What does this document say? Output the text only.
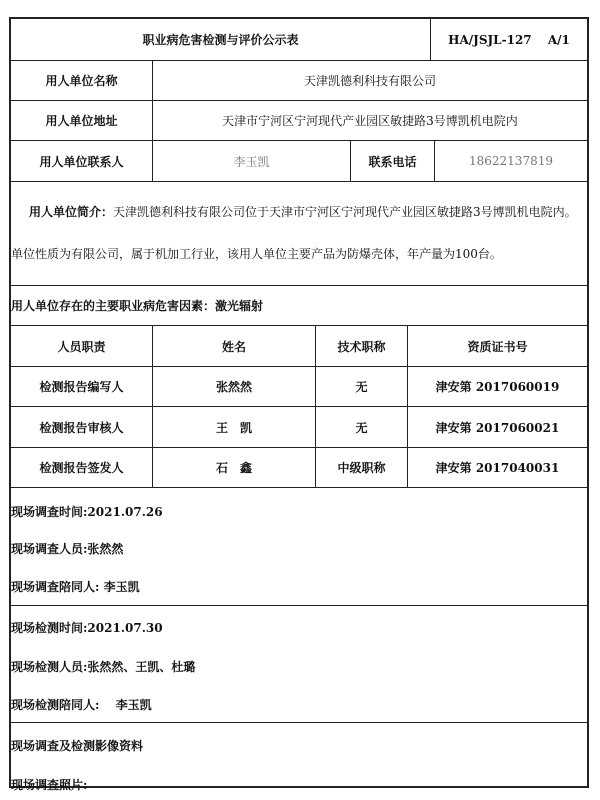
职业病危害检测与评价公示表	HA/JSJL-127　 A/1
用人单位名称	天津凯德利科技有限公司
用人单位地址	天津市宁河区宁河现代产业园区敏捷路3号博凯机电院内
用人单位联系人	李玉凯	联系电话	18622137819
用人单位简介：天津凯德利科技有限公司位于天津市宁河区宁河现代产业园区敏捷路3号博凯机电院内。
单位性质为有限公司，属于机加工行业，该用人单位主要产品为防爆壳体，年产量为100台。
用人单位存在的主要职业病危害因素：激光辐射
人员职责	姓名	技术职称	资质证书号
检测报告编写人	张然然	无	津安第 2017060019
检测报告审核人	王　凯	无	津安第 2017060021
检测报告签发人	石　鑫	中级职称	津安第 2017040031
现场调查时间:2021.07.26
现场调查人员:张然然
现场调查陪同人: 李玉凯
现场检测时间:2021.07.30
现场检测人员:张然然、王凯、杜璐
现场检测陪同人:　 李玉凯
现场调查及检测影像资料
现场调查照片:
